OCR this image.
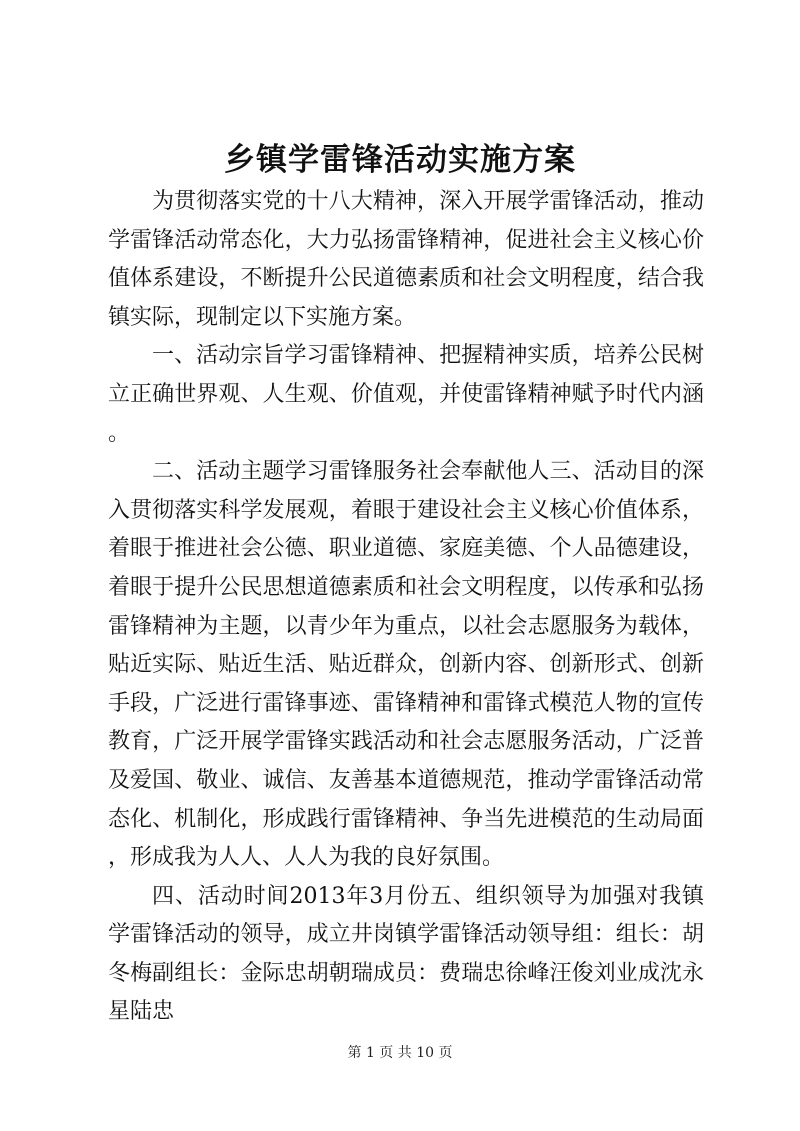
乡镇学雷锋活动实施方案

为贯彻落实党的十八大精神，深入开展学雷锋活动，推动学雷锋活动常态化，大力弘扬雷锋精神，促进社会主义核心价值体系建设，不断提升公民道德素质和社会文明程度，结合我镇实际，现制定以下实施方案。

一、活动宗旨学习雷锋精神、把握精神实质，培养公民树立正确世界观、人生观、价值观，并使雷锋精神赋予时代内涵。

二、活动主题学习雷锋服务社会奉献他人三、活动目的深入贯彻落实科学发展观，着眼于建设社会主义核心价值体系，着眼于推进社会公德、职业道德、家庭美德、个人品德建设，着眼于提升公民思想道德素质和社会文明程度，以传承和弘扬雷锋精神为主题，以青少年为重点，以社会志愿服务为载体，贴近实际、贴近生活、贴近群众，创新内容、创新形式、创新手段，广泛进行雷锋事迹、雷锋精神和雷锋式模范人物的宣传教育，广泛开展学雷锋实践活动和社会志愿服务活动，广泛普及爱国、敬业、诚信、友善基本道德规范，推动学雷锋活动常态化、机制化，形成践行雷锋精神、争当先进模范的生动局面，形成我为人人、人人为我的良好氛围。

四、活动时间2013年3月份五、组织领导为加强对我镇学雷锋活动的领导，成立井岗镇学雷锋活动领导组：组长：胡冬梅副组长：金际忠胡朝瑞成员：费瑞忠徐峰汪俊刘业成沈永星陆忠

第 1 页 共 10 页
